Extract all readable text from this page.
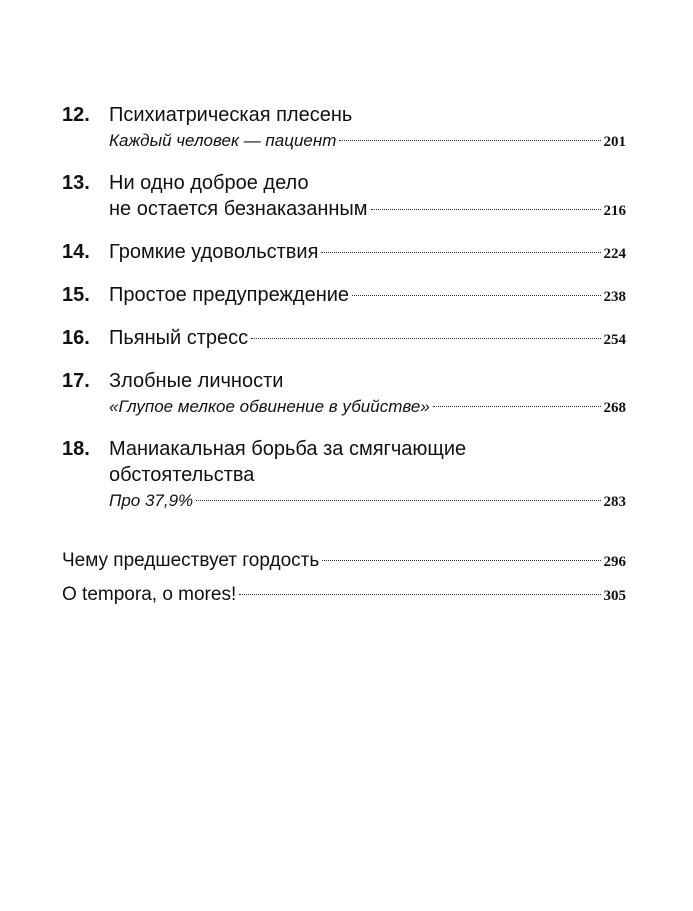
12. Психиатрическая плесень
Каждый человек — пациент	201
13. Ни одно доброе дело
не остается безнаказанным	216
14. Громкие удовольствия	224
15. Простое предупреждение	238
16. Пьяный стресс	254
17. Злобные личности
«Глупое мелкое обвинение в убийстве»	268
18. Маниакальная борьба за смягчающие
обстоятельства
Про 37,9%	283
Чему предшествует гордость	296
O tempora, o mores!	305
